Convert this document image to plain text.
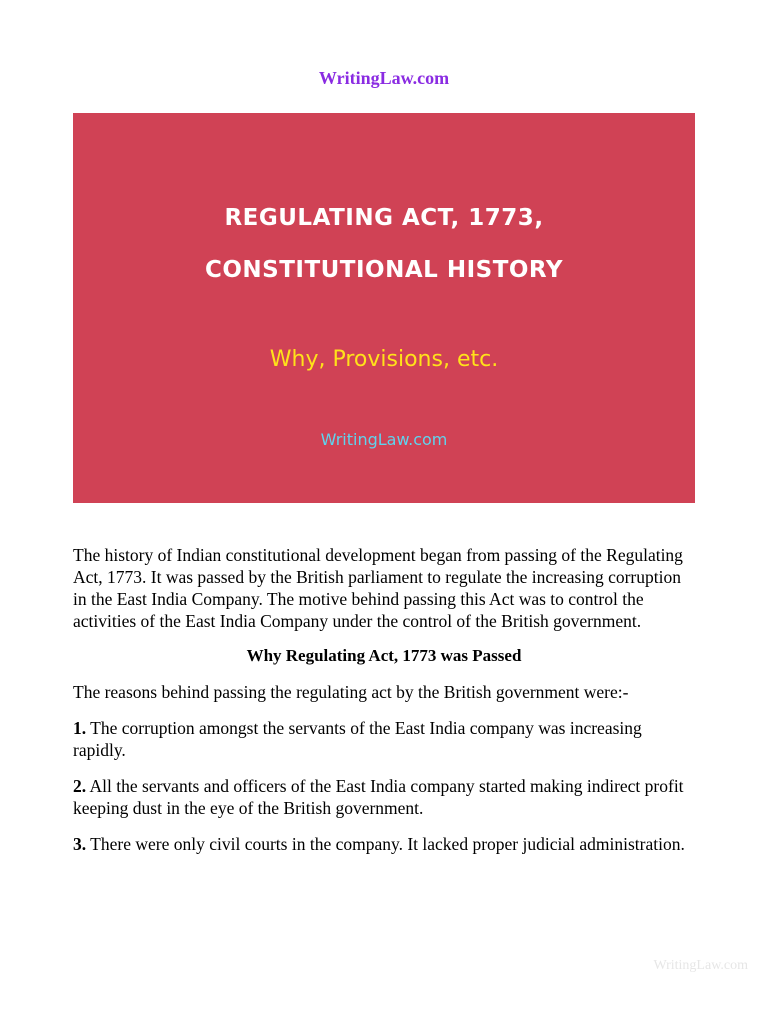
WritingLaw.com
REGULATING ACT, 1773,
CONSTITUTIONAL HISTORY
Why, Provisions, etc.
WritingLaw.com

The history of Indian constitutional development began from passing of the Regulating Act, 1773. It was passed by the British parliament to regulate the increasing corruption in the East India Company. The motive behind passing this Act was to control the activities of the East India Company under the control of the British government.

Why Regulating Act, 1773 was Passed

The reasons behind passing the regulating act by the British government were:-

1. The corruption amongst the servants of the East India company was increasing rapidly.

2. All the servants and officers of the East India company started making indirect profit keeping dust in the eye of the British government.

3. There were only civil courts in the company. It lacked proper judicial administration.

WritingLaw.com
